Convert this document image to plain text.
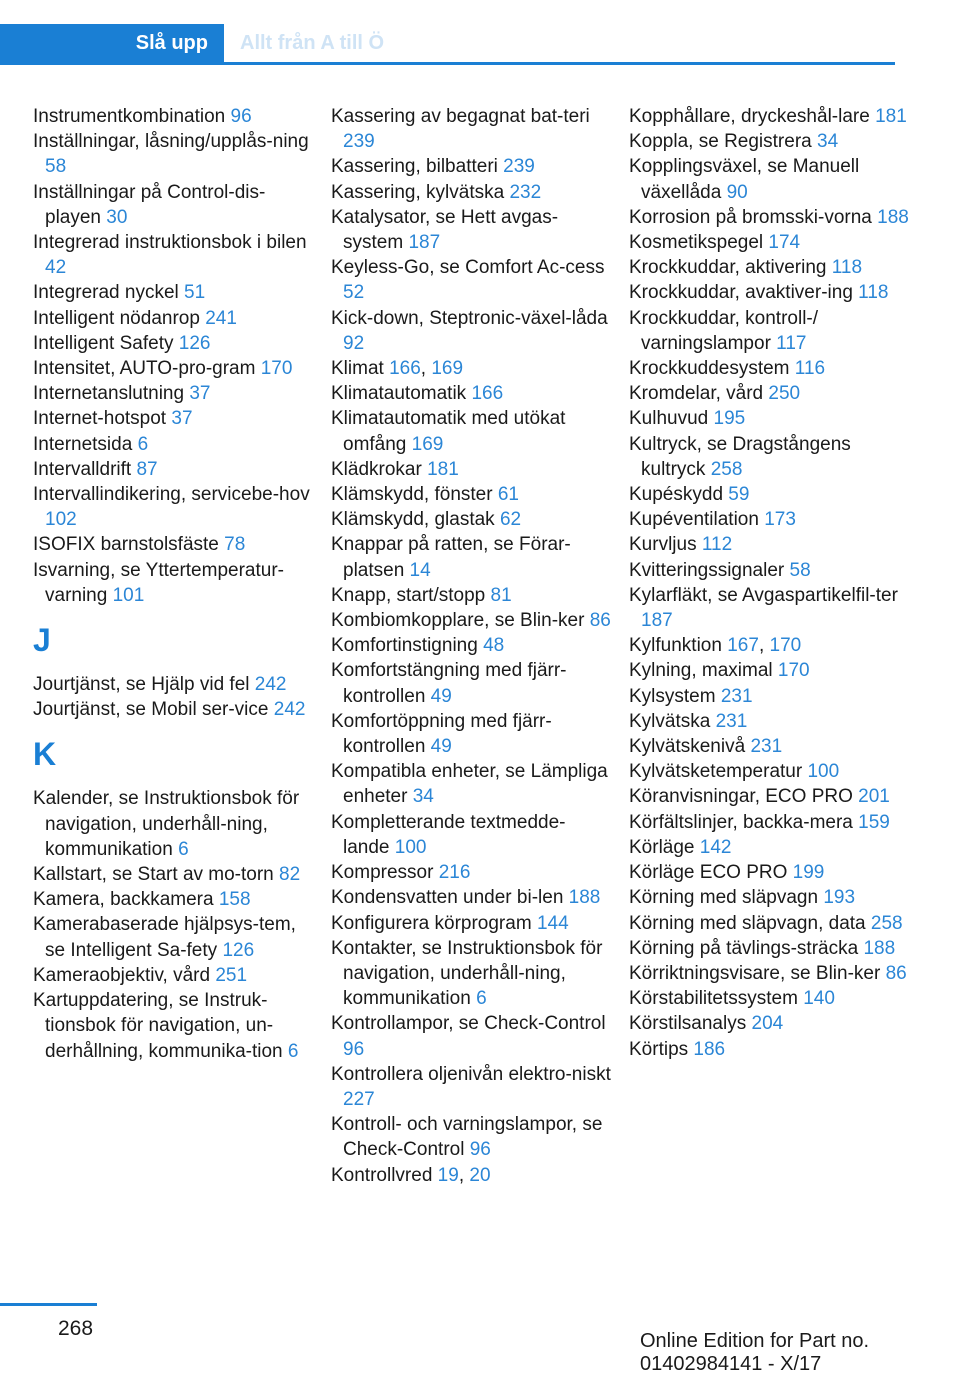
Slå upp	Allt från A till Ö
Instrumentkombination 96
Inställningar, låsning/upplås-ning 58
Inställningar på Control-dis-playen 30
Integrerad instruktionsbok i bilen 42
Integrerad nyckel 51
Intelligent nödanrop 241
Intelligent Safety 126
Intensitet, AUTO-pro-gram 170
Internetanslutning 37
Internet-hotspot 37
Internetsida 6
Intervalldrift 87
Intervallindikering, servicebe-hov 102
ISOFIX barnstolsfäste 78
Isvarning, se Yttertemperatur-varning 101
J
Jourtjänst, se Hjälp vid fel 242
Jourtjänst, se Mobil ser-vice 242
K
Kalender, se Instruktionsbok för navigation, underhåll-ning, kommunikation 6
Kallstart, se Start av mo-torn 82
Kamera, backkamera 158
Kamerabaserade hjälpsys-tem, se Intelligent Sa-fety 126
Kameraobjektiv, vård 251
Kartuppdatering, se Instruk-tionsbok för navigation, un-derhållning, kommunika-tion 6
Kassering av begagnat bat-teri 239
Kassering, bilbatteri 239
Kassering, kylvätska 232
Katalysator, se Hett avgas-system 187
Keyless-Go, se Comfort Ac-cess 52
Kick-down, Steptronic-växel-låda 92
Klimat 166, 169
Klimatautomatik 166
Klimatautomatik med utökat omfång 169
Klädkrokar 181
Klämskydd, fönster 61
Klämskydd, glastak 62
Knappar på ratten, se Förar-platsen 14
Knapp, start/stopp 81
Kombiomkopplare, se Blin-ker 86
Komfortinstigning 48
Komfortstängning med fjärr-kontrollen 49
Komfortöppning med fjärr-kontrollen 49
Kompatibla enheter, se Lämpliga enheter 34
Kompletterande textmedde-lande 100
Kompressor 216
Kondensvatten under bi-len 188
Konfigurera körprogram 144
Kontakter, se Instruktionsbok för navigation, underhåll-ning, kommunikation 6
Kontrollampor, se Check-Control 96
Kontrollera oljenivån elektro-niskt 227
Kontroll- och varningslampor, se Check-Control 96
Kontrollvred 19, 20
Kopphållare, dryckeshål-lare 181
Koppla, se Registrera 34
Kopplingsväxel, se Manuell växellåda 90
Korrosion på bromsski-vorna 188
Kosmetikspegel 174
Krockkuddar, aktivering 118
Krockkuddar, avaktiver-ing 118
Krockkuddar, kontroll-/ varningslampor 117
Krockkuddesystem 116
Kromdelar, vård 250
Kulhuvud 195
Kultryck, se Dragstångens kultryck 258
Kupéskydd 59
Kupéventilation 173
Kurvljus 112
Kvitteringssignaler 58
Kylarfläkt, se Avgaspartikelfil-ter 187
Kylfunktion 167, 170
Kylning, maximal 170
Kylsystem 231
Kylvätska 231
Kylvätskenivå 231
Kylvätsketemperatur 100
Köranvisningar, ECO PRO 201
Körfältslinjer, backka-mera 159
Körläge 142
Körläge ECO PRO 199
Körning med släpvagn 193
Körning med släpvagn, data 258
Körning på tävlings-sträcka 188
Körriktningsvisare, se Blin-ker 86
Körstabilitetssystem 140
Körstilsanalys 204
Körtips 186
268
Online Edition for Part no. 01402984141 - X/17
